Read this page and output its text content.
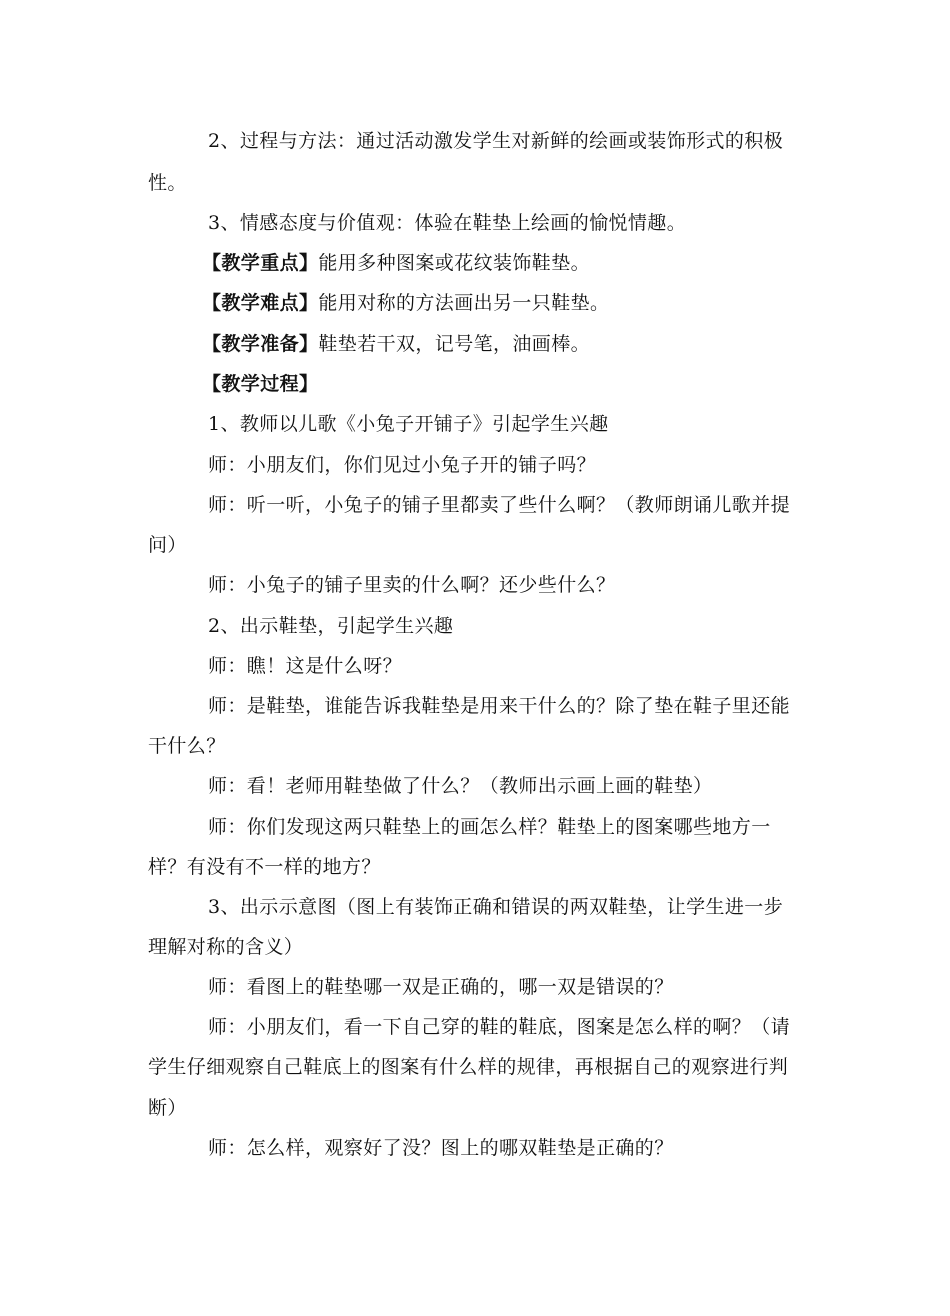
2、过程与方法：通过活动激发学生对新鲜的绘画或装饰形式的积极
性。
3、情感态度与价值观：体验在鞋垫上绘画的愉悦情趣。
【教学重点】能用多种图案或花纹装饰鞋垫。
【教学难点】能用对称的方法画出另一只鞋垫。
【教学准备】鞋垫若干双，记号笔，油画棒。
【教学过程】
1、教师以儿歌《小兔子开铺子》引起学生兴趣
师：小朋友们，你们见过小兔子开的铺子吗？
师：听一听，小兔子的铺子里都卖了些什么啊？（教师朗诵儿歌并提
问）
师：小兔子的铺子里卖的什么啊？还少些什么？
2、出示鞋垫，引起学生兴趣
师：瞧！这是什么呀？
师：是鞋垫，谁能告诉我鞋垫是用来干什么的？除了垫在鞋子里还能
干什么？
师：看！老师用鞋垫做了什么？（教师出示画上画的鞋垫）
师：你们发现这两只鞋垫上的画怎么样？鞋垫上的图案哪些地方一
样？有没有不一样的地方？
3、出示示意图（图上有装饰正确和错误的两双鞋垫，让学生进一步
理解对称的含义）
师：看图上的鞋垫哪一双是正确的，哪一双是错误的？
师：小朋友们，看一下自己穿的鞋的鞋底，图案是怎么样的啊？（请
学生仔细观察自己鞋底上的图案有什么样的规律，再根据自己的观察进行判
断）
师：怎么样，观察好了没？图上的哪双鞋垫是正确的？
